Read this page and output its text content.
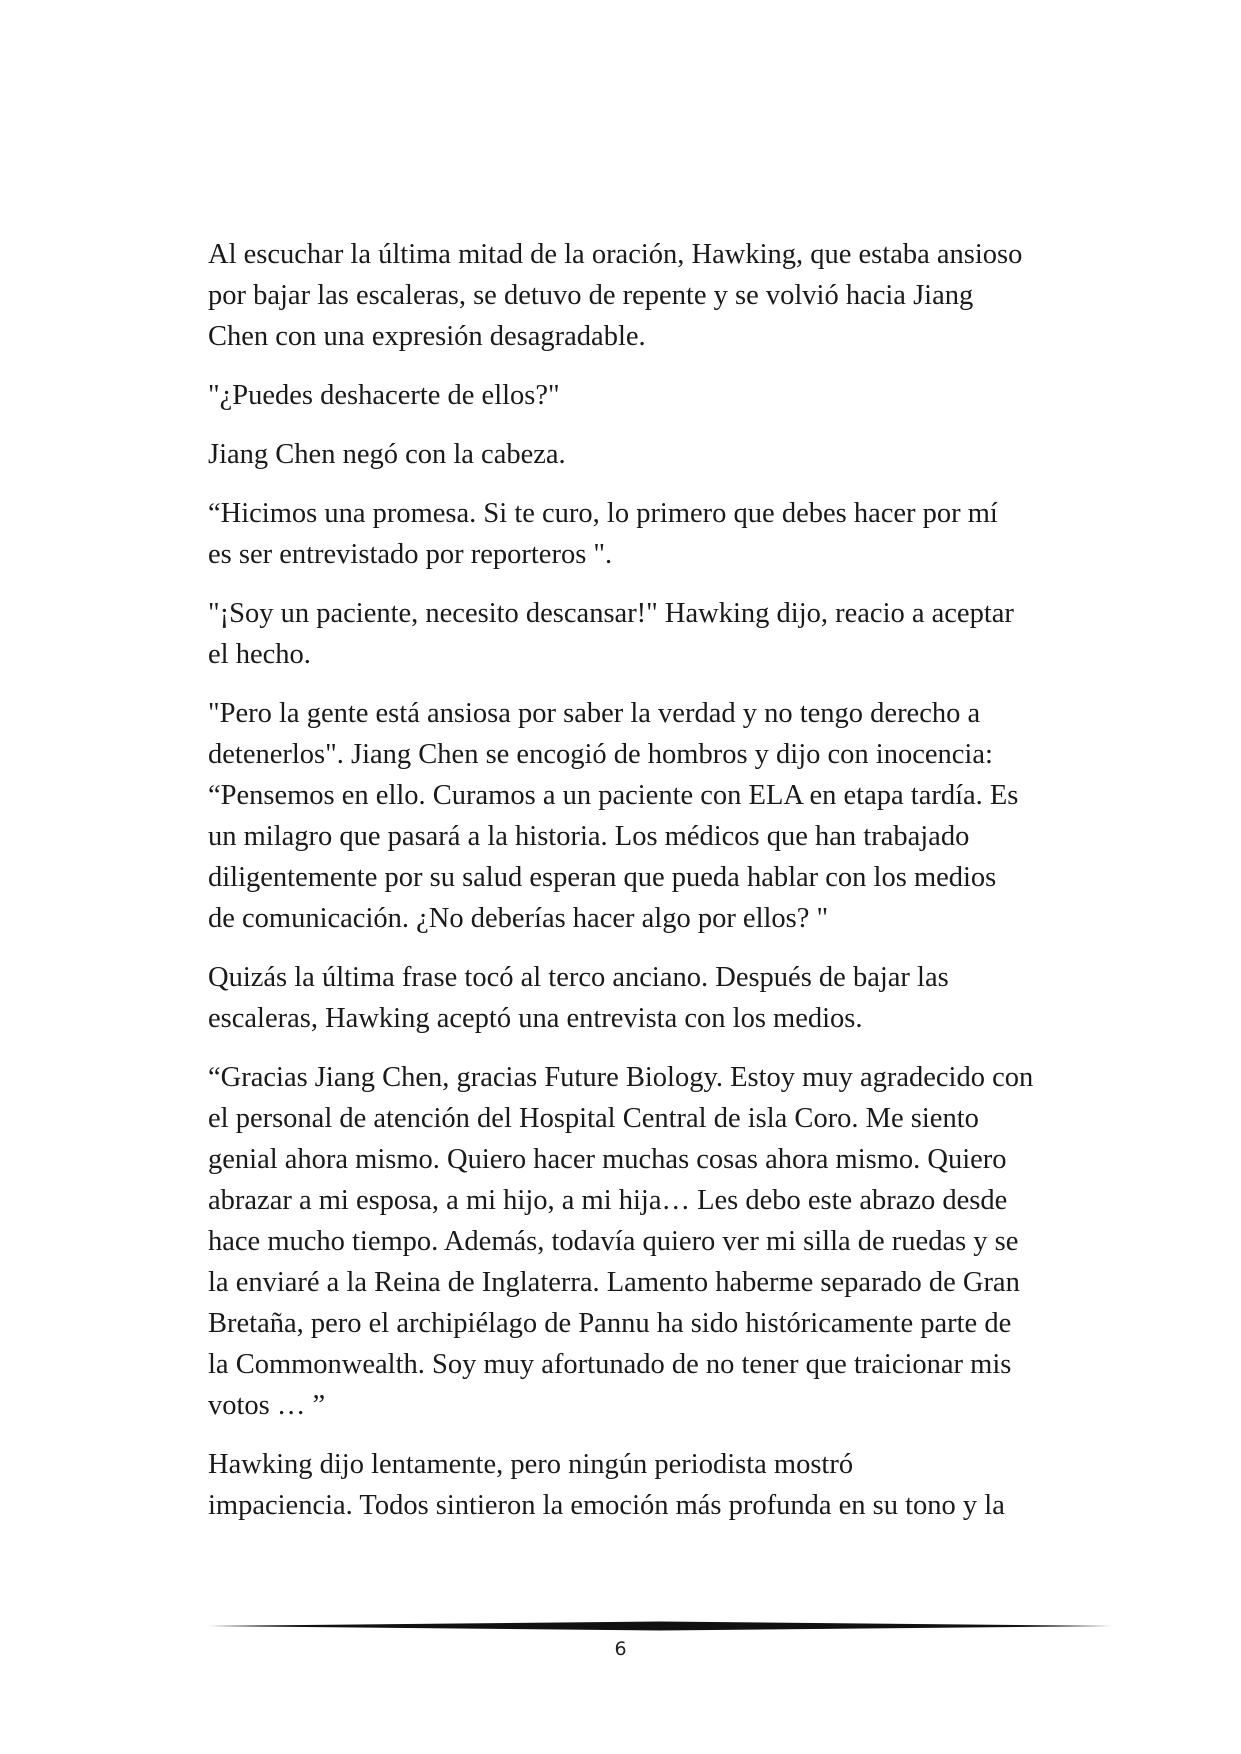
Al escuchar la última mitad de la oración, Hawking, que estaba ansioso
por bajar las escaleras, se detuvo de repente y se volvió hacia Jiang
Chen con una expresión desagradable.

"¿Puedes deshacerte de ellos?"

Jiang Chen negó con la cabeza.

“Hicimos una promesa. Si te curo, lo primero que debes hacer por mí
es ser entrevistado por reporteros ".

"¡Soy un paciente, necesito descansar!" Hawking dijo, reacio a aceptar
el hecho.

"Pero la gente está ansiosa por saber la verdad y no tengo derecho a
detenerlos". Jiang Chen se encogió de hombros y dijo con inocencia:
“Pensemos en ello. Curamos a un paciente con ELA en etapa tardía. Es
un milagro que pasará a la historia. Los médicos que han trabajado
diligentemente por su salud esperan que pueda hablar con los medios
de comunicación. ¿No deberías hacer algo por ellos? "

Quizás la última frase tocó al terco anciano. Después de bajar las
escaleras, Hawking aceptó una entrevista con los medios.

“Gracias Jiang Chen, gracias Future Biology. Estoy muy agradecido con
el personal de atención del Hospital Central de isla Coro. Me siento
genial ahora mismo. Quiero hacer muchas cosas ahora mismo. Quiero
abrazar a mi esposa, a mi hijo, a mi hija… Les debo este abrazo desde
hace mucho tiempo. Además, todavía quiero ver mi silla de ruedas y se
la enviaré a la Reina de Inglaterra. Lamento haberme separado de Gran
Bretaña, pero el archipiélago de Pannu ha sido históricamente parte de
la Commonwealth. Soy muy afortunado de no tener que traicionar mis
votos … ”

Hawking dijo lentamente, pero ningún periodista mostró
impaciencia. Todos sintieron la emoción más profunda en su tono y la

6
